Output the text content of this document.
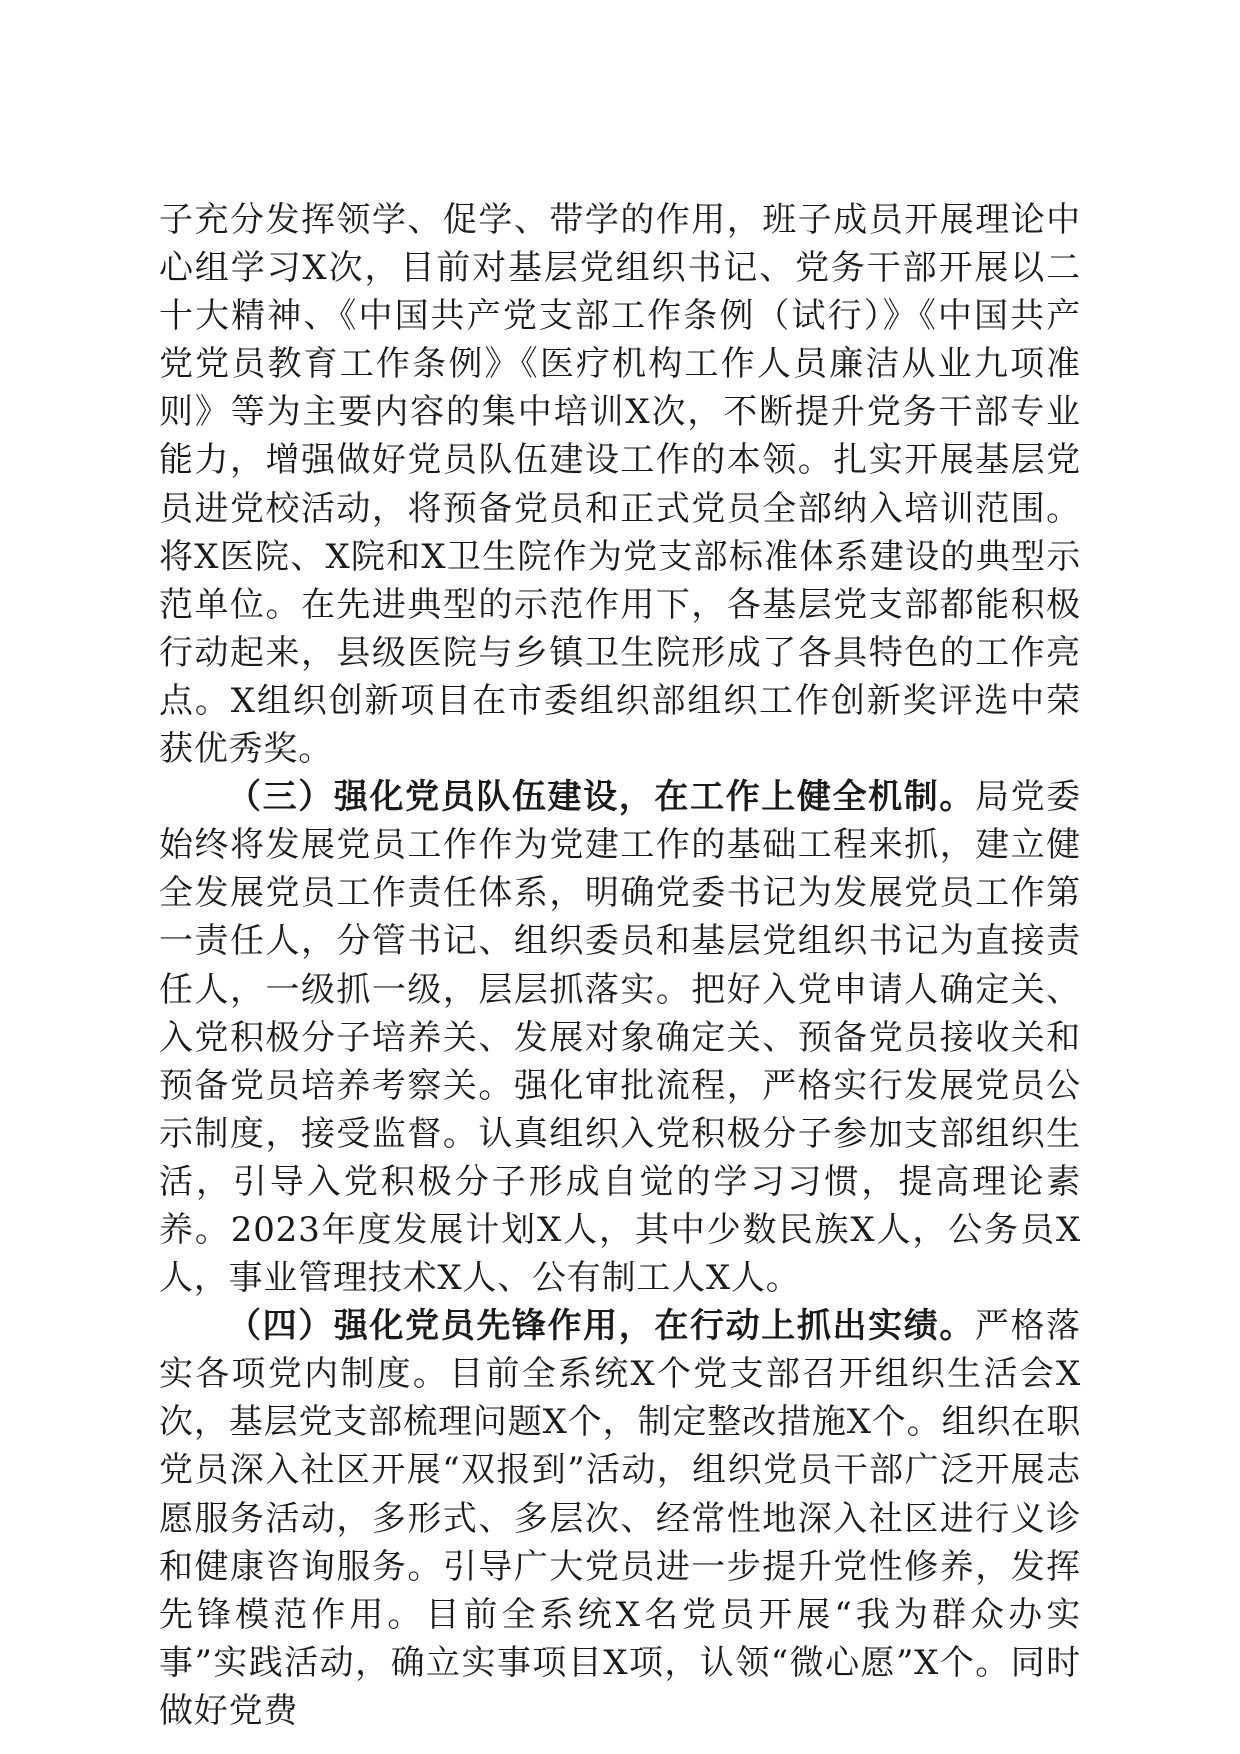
子充分发挥领学、促学、带学的作用，班子成员开展理论中心组学习X次，目前对基层党组织书记、党务干部开展以二十大精神、《中国共产党支部工作条例（试行）》《中国共产党党员教育工作条例》《医疗机构工作人员廉洁从业九项准则》等为主要内容的集中培训X次，不断提升党务干部专业能力，增强做好党员队伍建设工作的本领。扎实开展基层党员进党校活动，将预备党员和正式党员全部纳入培训范围。将X医院、X院和X卫生院作为党支部标准体系建设的典型示范单位。在先进典型的示范作用下，各基层党支部都能积极行动起来，县级医院与乡镇卫生院形成了各具特色的工作亮点。X组织创新项目在市委组织部组织工作创新奖评选中荣获优秀奖。

（三）强化党员队伍建设，在工作上健全机制。局党委始终将发展党员工作作为党建工作的基础工程来抓，建立健全发展党员工作责任体系，明确党委书记为发展党员工作第一责任人，分管书记、组织委员和基层党组织书记为直接责任人，一级抓一级，层层抓落实。把好入党申请人确定关、入党积极分子培养关、发展对象确定关、预备党员接收关和预备党员培养考察关。强化审批流程，严格实行发展党员公示制度，接受监督。认真组织入党积极分子参加支部组织生活，引导入党积极分子形成自觉的学习习惯，提高理论素养。2023年度发展计划X人，其中少数民族X人，公务员X人，事业管理技术X人、公有制工人X人。

（四）强化党员先锋作用，在行动上抓出实绩。严格落实各项党内制度。目前全系统X个党支部召开组织生活会X次，基层党支部梳理问题X个，制定整改措施X个。组织在职党员深入社区开展“双报到”活动，组织党员干部广泛开展志愿服务活动，多形式、多层次、经常性地深入社区进行义诊和健康咨询服务。引导广大党员进一步提升党性修养，发挥先锋模范作用。目前全系统X名党员开展“我为群众办实事”实践活动，确立实事项目X项，认领“微心愿”X个。同时做好党费
